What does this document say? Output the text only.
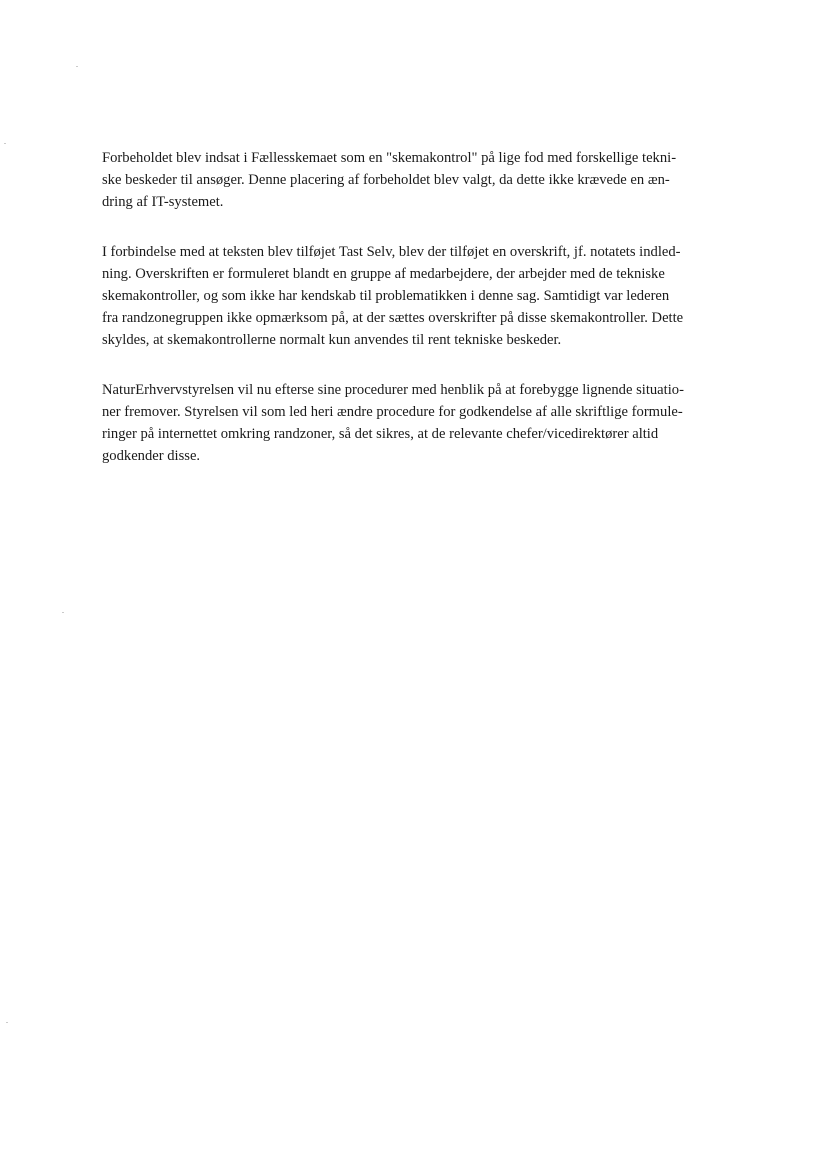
Forbeholdet blev indsat i Fællesskemaet som en "skemakontrol" på lige fod med forskellige tekni-
ske beskeder til ansøger. Denne placering af forbeholdet blev valgt, da dette ikke krævede en æn-
dring af IT-systemet.

I forbindelse med at teksten blev tilføjet Tast Selv, blev der tilføjet en overskrift, jf. notatets indled-
ning. Overskriften er formuleret blandt en gruppe af medarbejdere, der arbejder med de tekniske
skemakontroller, og som ikke har kendskab til problematikken i denne sag. Samtidigt var lederen
fra randzonegruppen ikke opmærksom på, at der sættes overskrifter på disse skemakontroller. Dette
skyldes, at skemakontrollerne normalt kun anvendes til rent tekniske beskeder.

NaturErhvervstyrelsen vil nu efterse sine procedurer med henblik på at forebygge lignende situatio-
ner fremover. Styrelsen vil som led heri ændre procedure for godkendelse af alle skriftlige formule-
ringer på internettet omkring randzoner, så det sikres, at de relevante chefer/vicedirektører altid
godkender disse.
